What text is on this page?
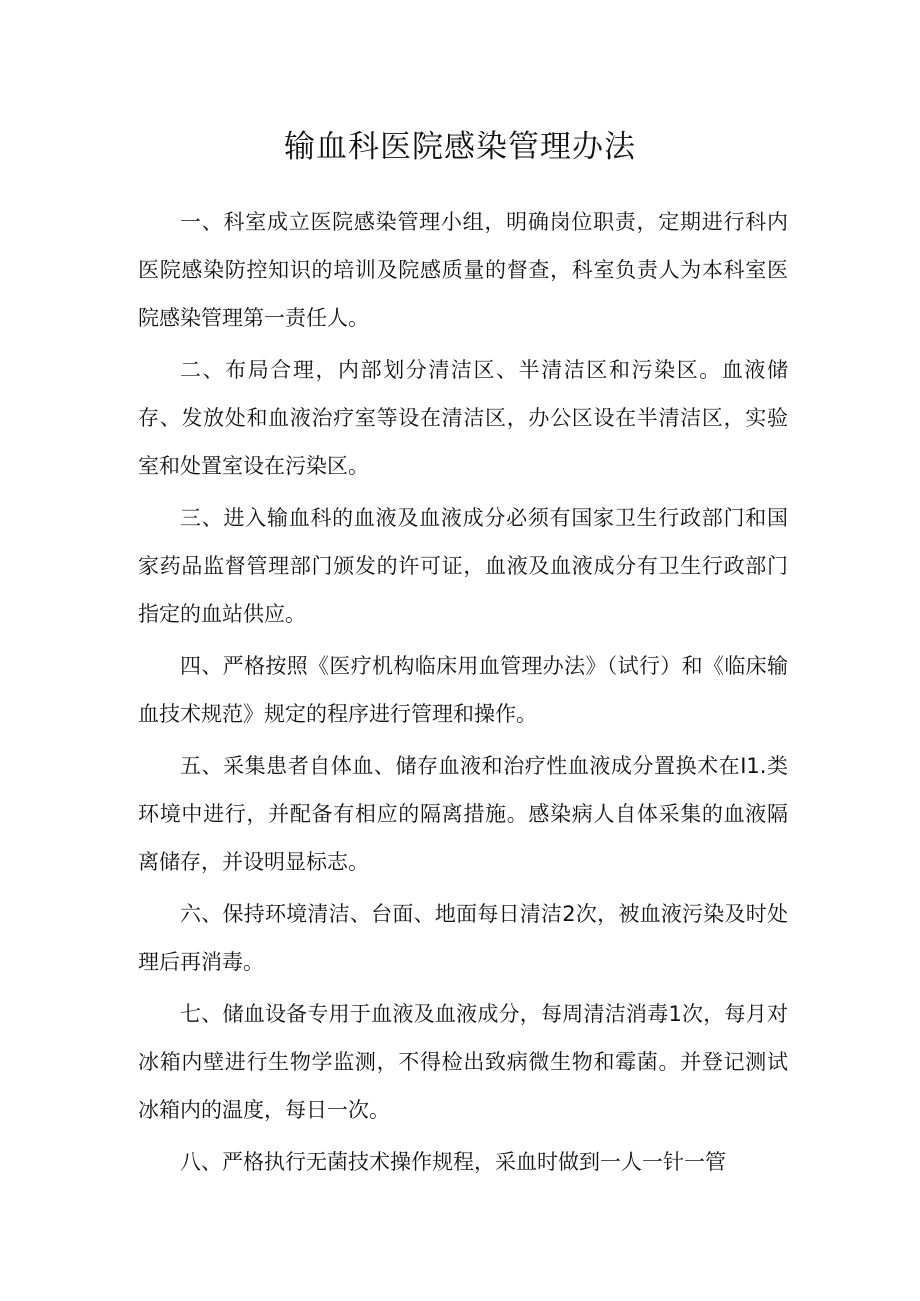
输血科医院感染管理办法

一、科室成立医院感染管理小组，明确岗位职责，定期进行科内医院感染防控知识的培训及院感质量的督查，科室负责人为本科室医院感染管理第一责任人。

二、布局合理，内部划分清洁区、半清洁区和污染区。血液储存、发放处和血液治疗室等设在清洁区，办公区设在半清洁区，实验室和处置室设在污染区。

三、进入输血科的血液及血液成分必须有国家卫生行政部门和国家药品监督管理部门颁发的许可证，血液及血液成分有卫生行政部门指定的血站供应。

四、严格按照《医疗机构临床用血管理办法》（试行）和《临床输血技术规范》规定的程序进行管理和操作。

五、采集患者自体血、储存血液和治疗性血液成分置换术在I1.类环境中进行，并配备有相应的隔离措施。感染病人自体采集的血液隔离储存，并设明显标志。

六、保持环境清洁、台面、地面每日清洁2次，被血液污染及时处理后再消毒。

七、储血设备专用于血液及血液成分，每周清洁消毒1次，每月对冰箱内壁进行生物学监测，不得检出致病微生物和霉菌。并登记测试冰箱内的温度，每日一次。

八、严格执行无菌技术操作规程，采血时做到一人一针一管
